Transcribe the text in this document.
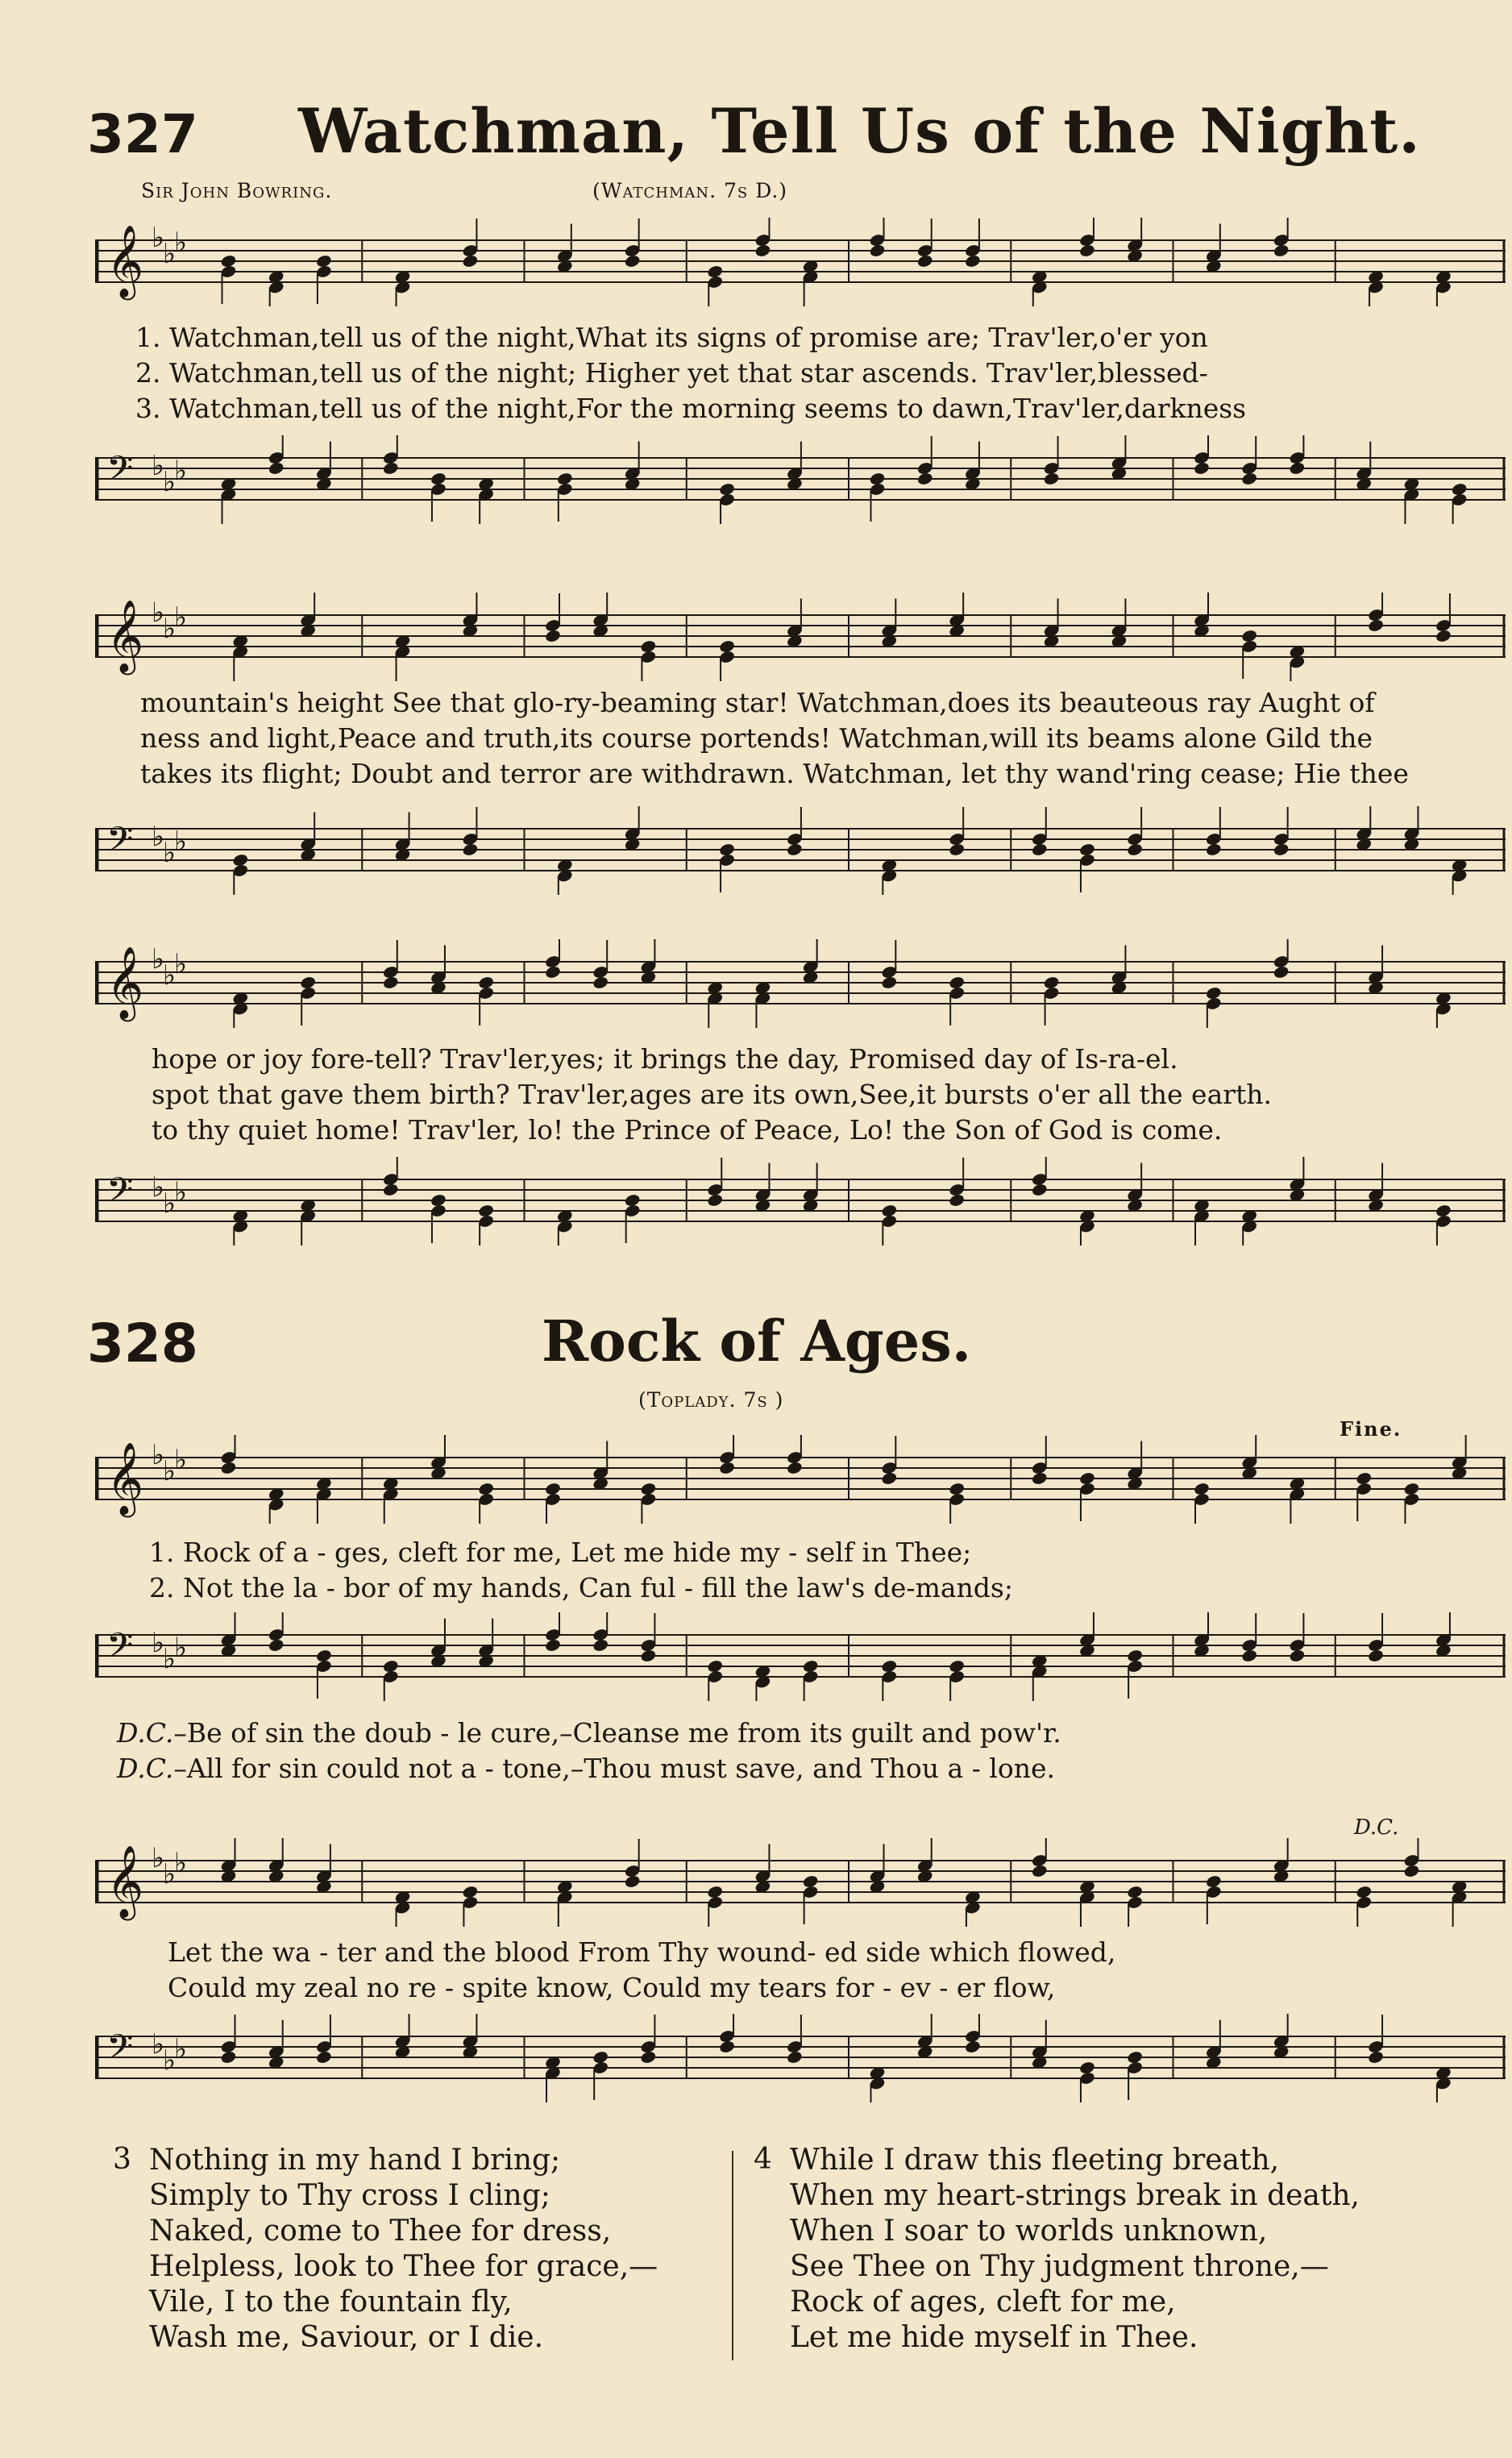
327 Watchman, Tell Us of the Night.
Sir John Bowring.	(Watchman. 7s D.)
𝄞 ♭
♭
♭
1. Watchman,tell us of the night,What its signs of promise are; Trav'ler,o'er yon
2. Watchman,tell us of the night; Higher yet that star ascends. Trav'ler,blessed-
3. Watchman,tell us of the night,For the morning seems to dawn,Trav'ler,darkness
𝄢 ♭
♭
♭
𝄞 ♭
♭
♭
mountain's height See that glo-ry-beaming star! Watchman,does its beauteous ray Aught of
ness and light,Peace and truth,its course portends! Watchman,will its beams alone Gild the
takes its flight; Doubt and terror are withdrawn. Watchman, let thy wand'ring cease; Hie thee
𝄢 ♭
♭
♭
𝄞 ♭
♭
♭
hope or joy fore-tell? Trav'ler,yes; it brings the day, Promised day of Is-ra-el.
spot that gave them birth? Trav'ler,ages are its own,See,it bursts o'er all the earth.
to thy quiet home! Trav'ler, lo! the Prince of Peace, Lo! the Son of God is come.
𝄢 ♭
♭
♭
328	Rock of Ages.
(Toplady. 7s )
Fine.
𝄞 ♭
♭
♭
1. Rock of a - ges, cleft for me, Let me hide my - self in Thee;
2. Not the la - bor of my hands, Can ful - fill the law's de-mands;
𝄢 ♭
♭
♭
D.C.–Be of sin the doub - le cure,–Cleanse me from its guilt and pow'r.
D.C.–All for sin could not a - tone,–Thou must save, and Thou a - lone.
D.C.
𝄞 ♭
♭
♭
Let the wa - ter and the blood From Thy wound- ed side which flowed,
Could my zeal no re - spite know, Could my tears for - ev - er flow,
𝄢 ♭
♭
♭
3 Nothing in my hand I bring;
Simply to Thy cross I cling;
Naked, come to Thee for dress,
Helpless, look to Thee for grace,—
Vile, I to the fountain fly,
Wash me, Saviour, or I die.
4 While I draw this fleeting breath,
When my heart-strings break in death,
When I soar to worlds unknown,
See Thee on Thy judgment throne,—
Rock of ages, cleft for me,
Let me hide myself in Thee.
